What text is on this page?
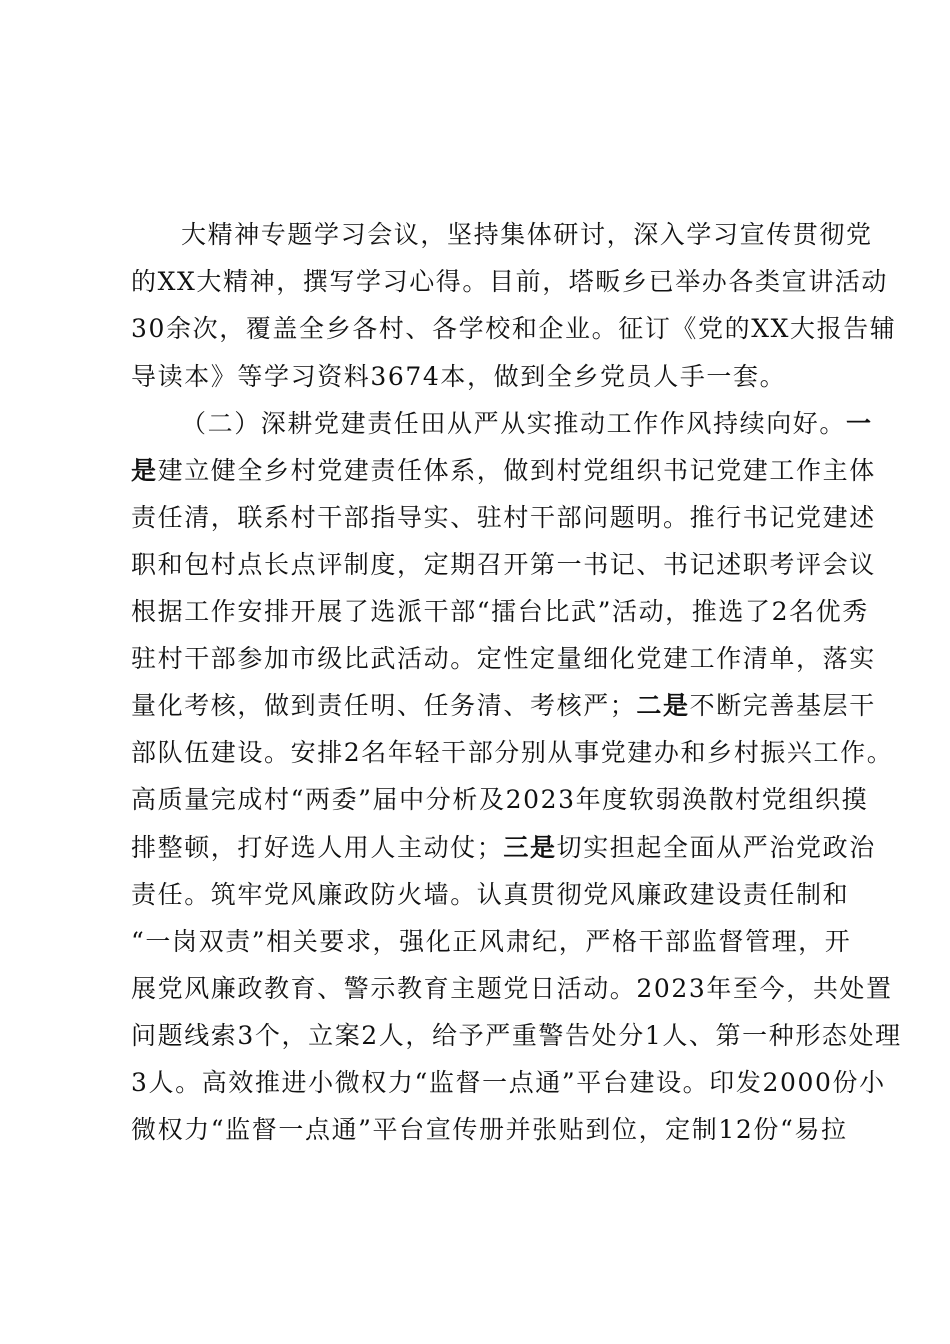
大精神专题学习会议，坚持集体研讨，深入学习宣传贯彻党
的XX大精神，撰写学习心得。目前，塔畈乡已举办各类宣讲活动
30余次，覆盖全乡各村、各学校和企业。征订《党的XX大报告辅
导读本》等学习资料3674本，做到全乡党员人手一套。
（二）深耕党建责任田从严从实推动工作作风持续向好。一
是建立健全乡村党建责任体系，做到村党组织书记党建工作主体
责任清，联系村干部指导实、驻村干部问题明。推行书记党建述
职和包村点长点评制度，定期召开第一书记、书记述职考评会议
根据工作安排开展了选派干部“擂台比武”活动，推选了2名优秀
驻村干部参加市级比武活动。定性定量细化党建工作清单，落实
量化考核，做到责任明、任务清、考核严；二是不断完善基层干
部队伍建设。安排2名年轻干部分别从事党建办和乡村振兴工作。
高质量完成村“两委”届中分析及2023年度软弱涣散村党组织摸
排整顿，打好选人用人主动仗；三是切实担起全面从严治党政治
责任。筑牢党风廉政防火墙。认真贯彻党风廉政建设责任制和
“一岗双责”相关要求，强化正风肃纪，严格干部监督管理，开
展党风廉政教育、警示教育主题党日活动。2023年至今，共处置
问题线索3个，立案2人，给予严重警告处分1人、第一种形态处理
3人。高效推进小微权力“监督一点通”平台建设。印发2000份小
微权力“监督一点通”平台宣传册并张贴到位，定制12份“易拉
